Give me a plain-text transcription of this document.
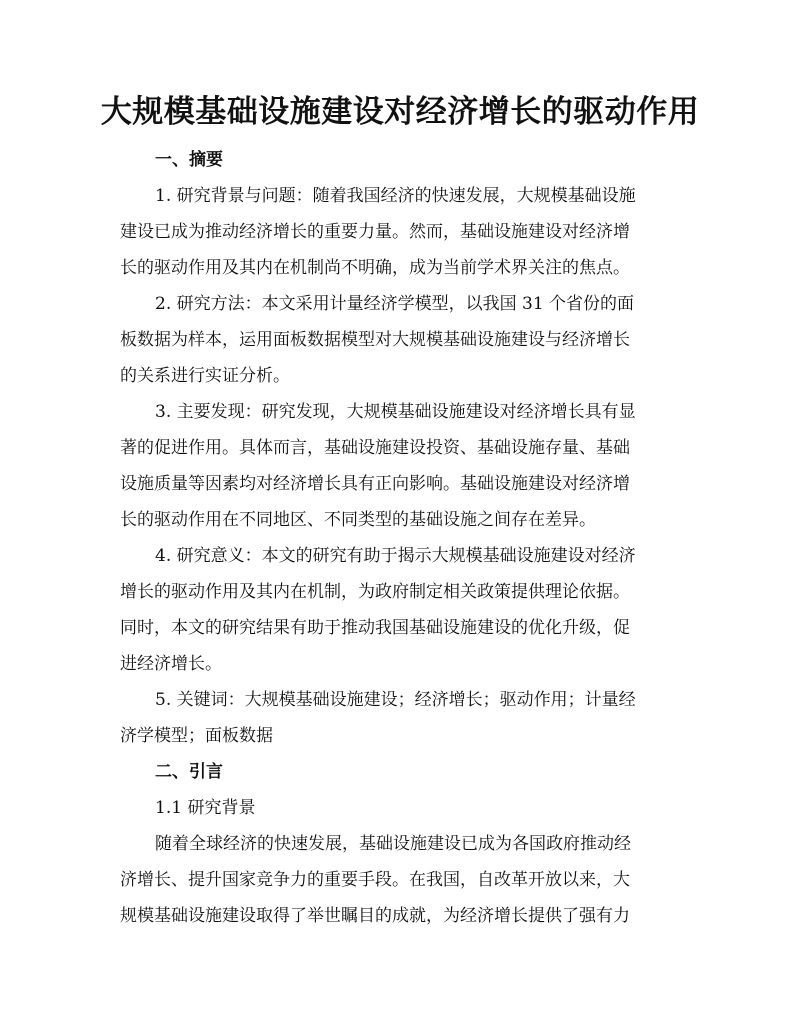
大规模基础设施建设对经济增长的驱动作用

一、摘要

1. 研究背景与问题：随着我国经济的快速发展，大规模基础设施

建设已成为推动经济增长的重要力量。然而，基础设施建设对经济增

长的驱动作用及其内在机制尚不明确，成为当前学术界关注的焦点。

2. 研究方法：本文采用计量经济学模型，以我国 31 个省份的面

板数据为样本，运用面板数据模型对大规模基础设施建设与经济增长

的关系进行实证分析。

3. 主要发现：研究发现，大规模基础设施建设对经济增长具有显

著的促进作用。具体而言，基础设施建设投资、基础设施存量、基础

设施质量等因素均对经济增长具有正向影响。基础设施建设对经济增

长的驱动作用在不同地区、不同类型的基础设施之间存在差异。

4. 研究意义：本文的研究有助于揭示大规模基础设施建设对经济

增长的驱动作用及其内在机制，为政府制定相关政策提供理论依据。

同时，本文的研究结果有助于推动我国基础设施建设的优化升级，促

进经济增长。

5. 关键词：大规模基础设施建设；经济增长；驱动作用；计量经

济学模型；面板数据

二、引言

1.1 研究背景

随着全球经济的快速发展，基础设施建设已成为各国政府推动经

济增长、提升国家竞争力的重要手段。在我国，自改革开放以来，大

规模基础设施建设取得了举世瞩目的成就，为经济增长提供了强有力
